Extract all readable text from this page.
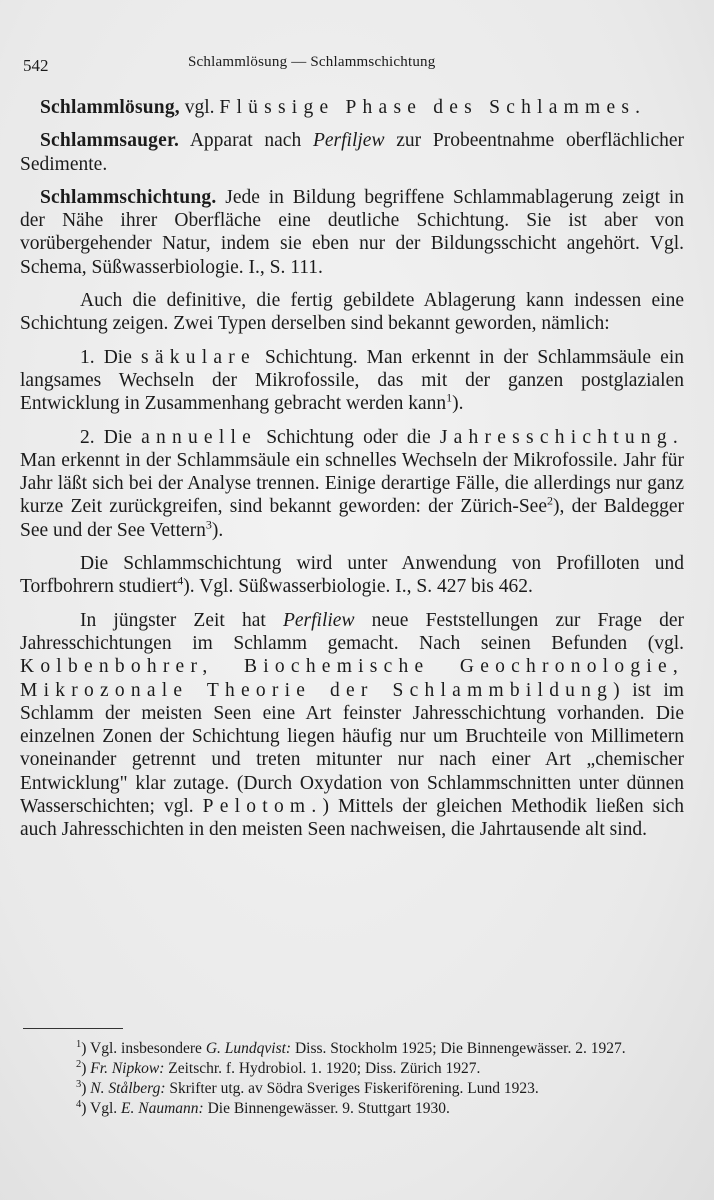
542	Schlammlösung — Schlammschichtung

Schlammlösung, vgl. Flüssige Phase des Schlammes.

Schlammsauger. Apparat nach Perfiljew zur Probeentnahme oberflächlicher Sedimente.

Schlammschichtung. Jede in Bildung begriffene Schlammablagerung zeigt in der Nähe ihrer Oberfläche eine deutliche Schichtung. Sie ist aber von vorübergehender Natur, indem sie eben nur der Bildungsschicht angehört. Vgl. Schema, Süßwasserbiologie. I., S. 111.

Auch die definitive, die fertig gebildete Ablagerung kann indessen eine Schichtung zeigen. Zwei Typen derselben sind bekannt geworden, nämlich:

1. Die säkulare Schichtung. Man erkennt in der Schlammsäule ein langsames Wechseln der Mikrofossile, das mit der ganzen postglazialen Entwicklung in Zusammenhang gebracht werden kann$^1$).

2. Die annuelle Schichtung oder die Jahresschichtung. Man erkennt in der Schlammsäule ein schnelles Wechseln der Mikrofossile. Jahr für Jahr läßt sich bei der Analyse trennen. Einige derartige Fälle, die allerdings nur ganz kurze Zeit zurückgreifen, sind bekannt geworden: der Zürich-See$^2$), der Baldegger See und der See Vettern$^3$).

Die Schlammschichtung wird unter Anwendung von Profilloten und Torfbohrern studiert$^4$). Vgl. Süßwasserbiologie. I., S. 427 bis 462.

In jüngster Zeit hat Perfiliew neue Feststellungen zur Frage der Jahresschichtungen im Schlamm gemacht. Nach seinen Befunden (vgl. Kolbenbohrer, Biochemische Geochronologie, Mikrozonale Theorie der Schlammbildung) ist im Schlamm der meisten Seen eine Art feinster Jahresschichtung vorhanden. Die einzelnen Zonen der Schichtung liegen häufig nur um Bruchteile von Millimetern voneinander getrennt und treten mitunter nur nach einer Art „chemischer Entwicklung" klar zutage. (Durch Oxydation von Schlammschnitten unter dünnen Wasserschichten; vgl. Pelotom.) Mittels der gleichen Methodik ließen sich auch Jahresschichten in den meisten Seen nachweisen, die Jahrtausende alt sind.

$^1$) Vgl. insbesondere G. Lundqvist: Diss. Stockholm 1925; Die Binnengewässer. 2. 1927.

$^2$) Fr. Nipkow: Zeitschr. f. Hydrobiol. 1. 1920; Diss. Zürich 1927.

$^3$) N. Stålberg: Skrifter utg. av Södra Sveriges Fiskeriförening. Lund 1923.

$^4$) Vgl. E. Naumann: Die Binnengewässer. 9. Stuttgart 1930.
